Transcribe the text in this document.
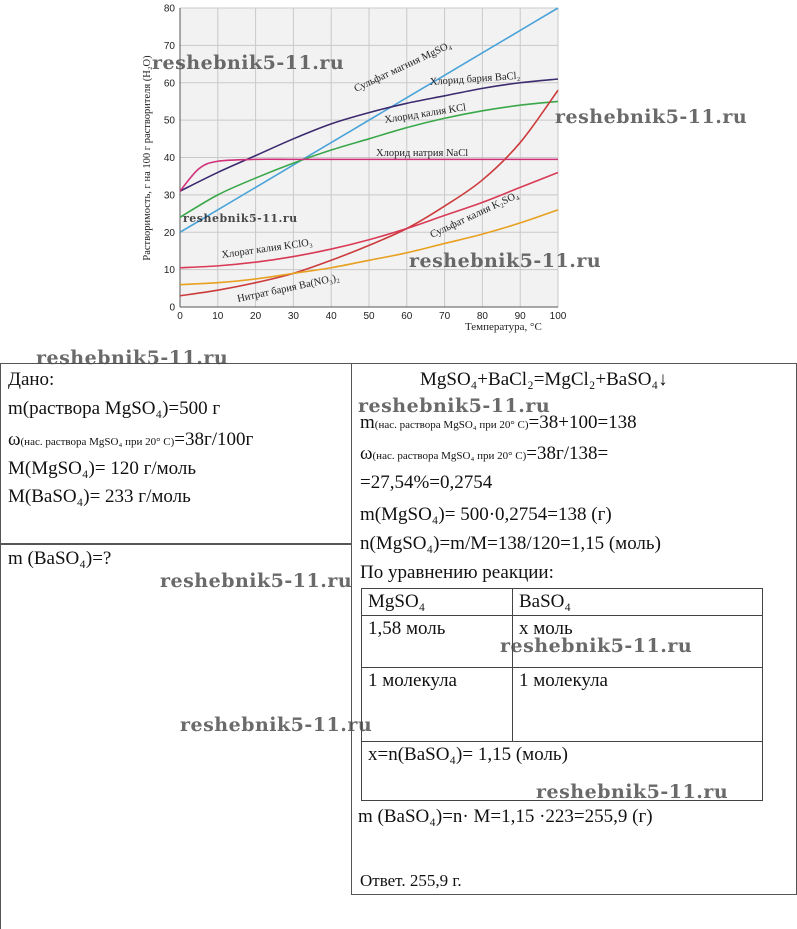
0	10	20	30	40	50	60	70	80	90 100
0
10
20
30
40
50
60
70
80
Растворимость, г на 100 г растворителя (H₂O)
Температура, °С
Сульфат магния MgSO₄
Хлорид бария BaCl₂
Хлорид калия KCl
Хлорид натрия NaCl
Хлорат калия KClO₃
Сульфат калия K₂SO₄
Нитрат бария Ba(NO₃)₂
reshebnik5-11.ru
reshebnik5-11.ru
reshebnik5-11.ru
reshebnik5-11.ru
reshebnik5-11.ru
Дано:
m(раствора MgSO₄)=500 г
ω(нас. раствора MgSO₄ при 20° С)=38г/100г
M(MgSO₄)= 120 г/моль
M(BaSO₄)= 233 г/моль
m (BaSO₄)=?
reshebnik5-11.ru
reshebnik5-11.ru
MgSO₄+BaCl₂=MgCl₂+BaSO₄↓
reshebnik5-11.ru
m(нас. раствора MgSO₄ при 20° С)=38+100=138
ω(нас. раствора MgSO₄ при 20° С)=38г/138=
=27,54%=0,2754
m(MgSO₄)= 500·0,2754=138 (г)
n(MgSO₄)=m/M=138/120=1,15 (моль)
По уравнению реакции:
MgSO₄	BaSO₄
1,58 моль	x моль
1 молекула	1 молекула
x=n(BaSO₄)= 1,15 (моль)	
reshebnik5-11.ru
reshebnik5-11.ru
m (BaSO₄)=n· M=1,15 ·223=255,9 (г)
Ответ. 255,9 г.
